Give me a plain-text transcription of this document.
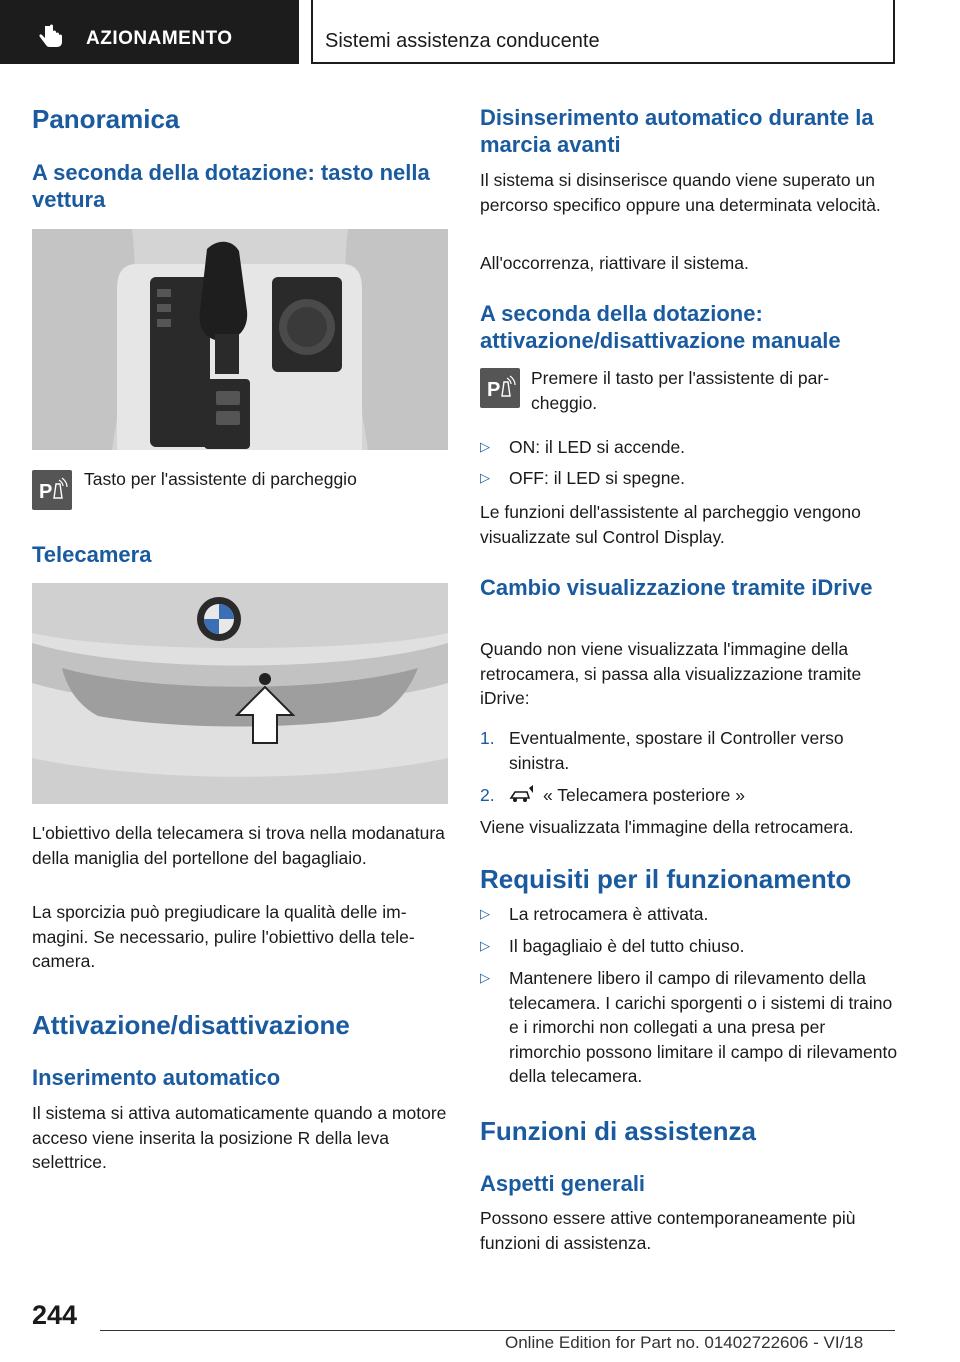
AZIONAMENTO	Sistemi assistenza conducente
Panoramica
A seconda della dotazione: tasto nella vettura
P
Tasto per l'assistente di parcheggio
Telecamera
L'obiettivo della telecamera si trova nella modanatura della maniglia del portellone del bagagliaio.
La sporcizia può pregiudicare la qualità delle immagini. Se necessario, pulire l'obiettivo della telecamera.
Attivazione/disattivazione
Inserimento automatico
Il sistema si attiva automaticamente quando a motore acceso viene inserita la posizione R della leva selettrice.
Disinserimento automatico durante la marcia avanti
Il sistema si disinserisce quando viene superato un percorso specifico oppure una determinata velocità.
All'occorrenza, riattivare il sistema.
A seconda della dotazione: attivazione/disattivazione manuale
P
Premere il tasto per l'assistente di parcheggio.
▷ ON: il LED si accende.
▷ OFF: il LED si spegne.
Le funzioni dell'assistente al parcheggio vengono visualizzate sul Control Display.
Cambio visualizzazione tramite iDrive
Quando non viene visualizzata l'immagine della retrocamera, si passa alla visualizzazione tramite iDrive:
1. Eventualmente, spostare il Controller verso sinistra.
2.	« Telecamera posteriore »
Viene visualizzata l'immagine della retrocamera.
Requisiti per il funzionamento
▷ La retrocamera è attivata.
▷ Il bagagliaio è del tutto chiuso.
▷ Mantenere libero il campo di rilevamento della telecamera. I carichi sporgenti o i sistemi di traino e i rimorchi non collegati a una presa per rimorchio possono limitare il campo di rilevamento della telecamera.
Funzioni di assistenza
Aspetti generali
Possono essere attive contemporaneamente più funzioni di assistenza.
244
Online Edition for Part no. 01402722606 - VI/18
